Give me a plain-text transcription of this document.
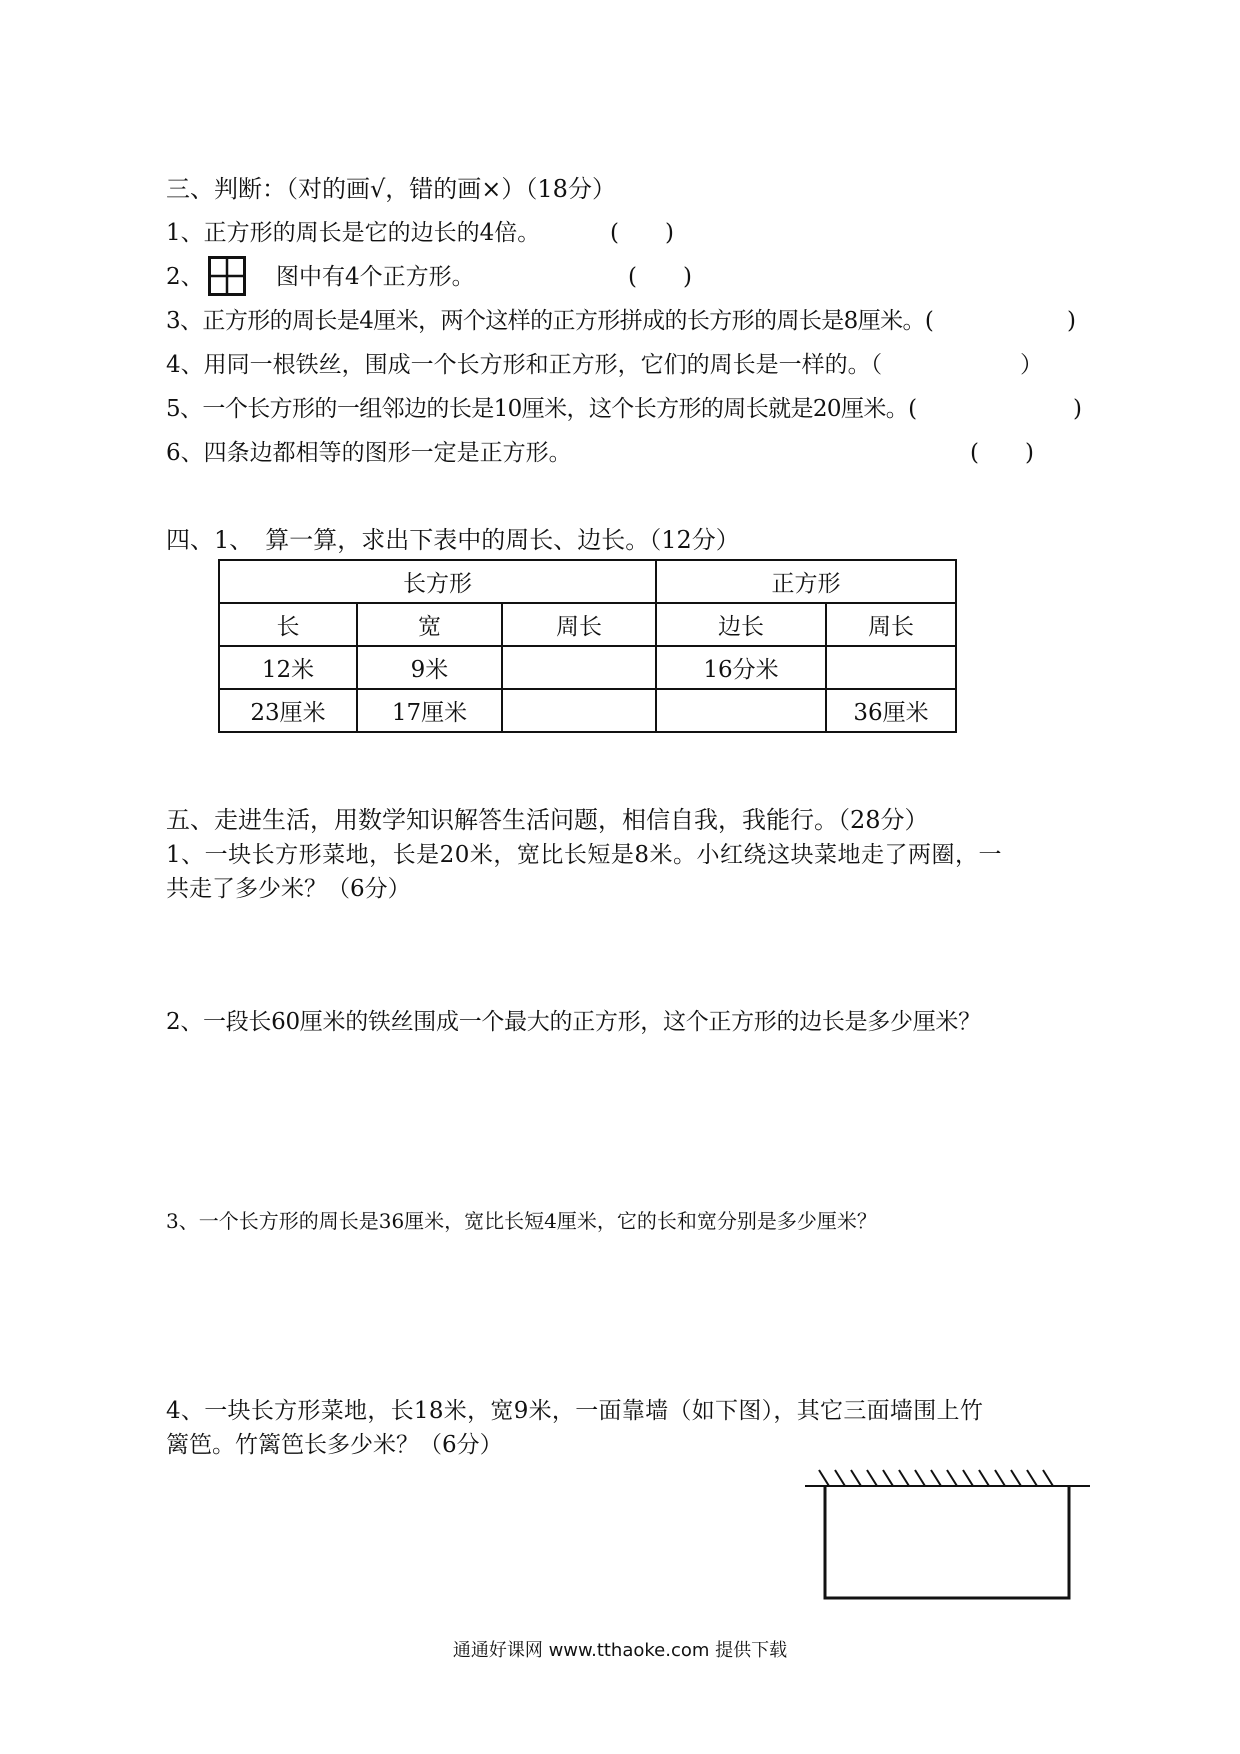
三、判断：（对的画√，错的画×）（18分）
1、正方形的周长是它的边长的4倍。	(　　)
2、	图中有4个正方形。	(　　)
3、正方形的周长是4厘米，两个这样的正方形拼成的长方形的周长是8厘米。(	)
4、用同一根铁丝，围成一个长方形和正方形，它们的周长是一样的。（	）
5、一个长方形的一组邻边的长是10厘米，这个长方形的周长就是20厘米。(	)
6、四条边都相等的图形一定是正方形。	(　　)
四、1、　算一算，求出下表中的周长、边长。（12分）
长方形			正方形	
长	宽	周长	边长	周长
12米	9米		16分米	
23厘米	17厘米			36厘米
五、走进生活，用数学知识解答生活问题，相信自我，我能行。（28分）
1、一块长方形菜地，长是20米，宽比长短是8米。小红绕这块菜地走了两圈，一
共走了多少米？（6分）
2、一段长60厘米的铁丝围成一个最大的正方形，这个正方形的边长是多少厘米？
3、一个长方形的周长是36厘米，宽比长短4厘米，它的长和宽分别是多少厘米？
4、一块长方形菜地，长18米，宽9米，一面靠墙（如下图），其它三面墙围上竹
篱笆。竹篱笆长多少米？（6分）
通通好课网 www.tthaoke.com 提供下载
